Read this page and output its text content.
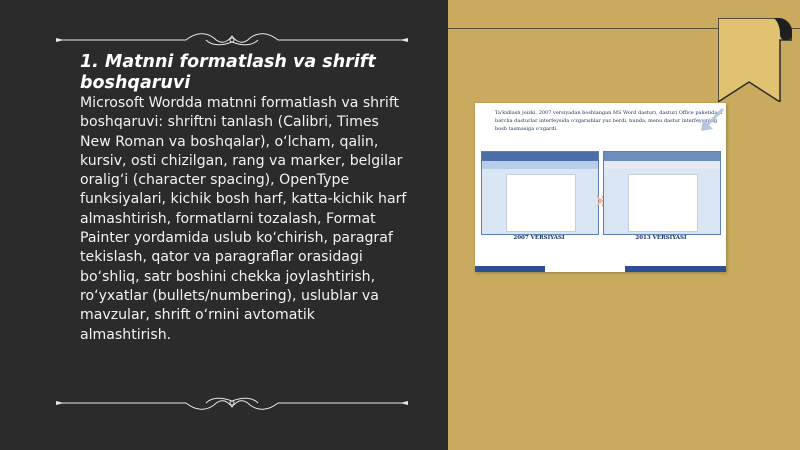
1. Matnni formatlash va shrift boshqaruvi

Microsoft Wordda matnni formatlash va shrift boshqaruvi: shriftni tanlash (Calibri, Times New Roman va boshqalar), o‘lcham, qalin, kursiv, osti chizilgan, rang va marker, belgilar oralig‘i (character spacing), OpenType funksiyalari, kichik bosh harf, katta-kichik harf almashtirish, formatlarni tozalash, Format Painter yordamida uslub ko‘chirish, paragraf tekislash, qator va paragraflar orasidagi bo‘shliq, satr boshini chekka joylashtirish, ro‘yxatlar (bullets/numbering), uslublar va mavzular, shrift o‘rnini avtomatik almashtirish.

Ta'kidlash joizki, 2007 versiyadan boshlangan MS Word dasturi, dasturi Office paketidagi barcha dasturlar interfeysida o'zgarishlar yuz berdi, bunda, menu dastur interfeysining bosh tasmasiga o'zgardi.

2007 VERSIYASI	2013 VERSIYASI
